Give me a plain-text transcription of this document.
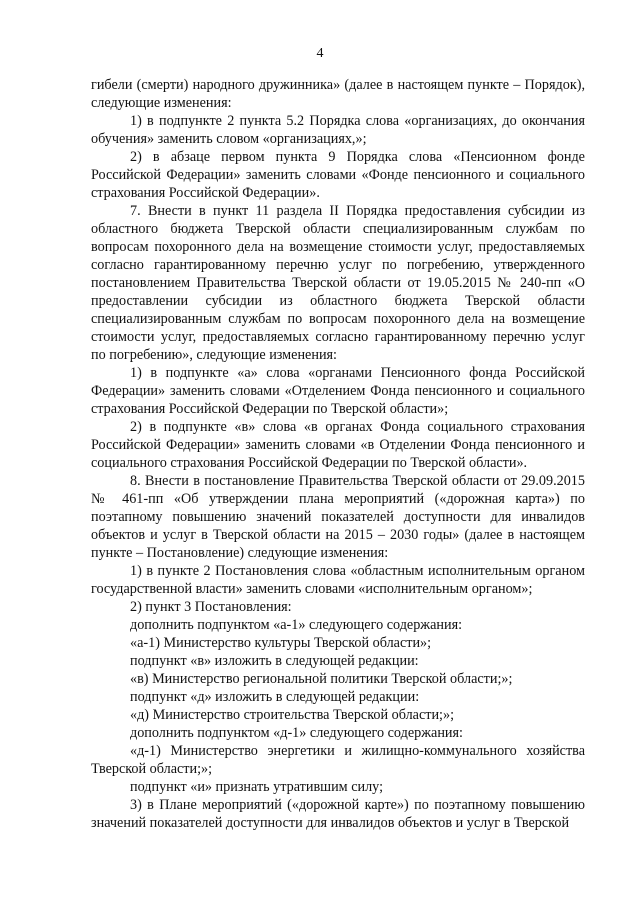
4

гибели (смерти) народного дружинника» (далее в настоящем пункте – Порядок), следующие изменения:

1) в подпункте 2 пункта 5.2 Порядка слова «организациях, до окончания обучения» заменить словом «организациях,»;

2) в абзаце первом пункта 9 Порядка слова «Пенсионном фонде Российской Федерации» заменить словами «Фонде пенсионного и социального страхования Российской Федерации».

7. Внести в пункт 11 раздела II Порядка предоставления субсидии из областного бюджета Тверской области специализированным службам по вопросам похоронного дела на возмещение стоимости услуг, предоставляемых согласно гарантированному перечню услуг по погребению, утвержденного постановлением Правительства Тверской области от 19.05.2015 № 240-пп «О предоставлении субсидии из областного бюджета Тверской области специализированным службам по вопросам похоронного дела на возмещение стоимости услуг, предоставляемых согласно гарантированному перечню услуг по погребению», следующие изменения:

1) в подпункте «а» слова «органами Пенсионного фонда Российской Федерации» заменить словами «Отделением Фонда пенсионного и социального страхования Российской Федерации по Тверской области»;

2) в подпункте «в» слова «в органах Фонда социального страхования Российской Федерации» заменить словами «в Отделении Фонда пенсионного и социального страхования Российской Федерации по Тверской области».

8. Внести в постановление Правительства Тверской области от 29.09.2015 № 461-пп «Об утверждении плана мероприятий («дорожная карта») по поэтапному повышению значений показателей доступности для инвалидов объектов и услуг в Тверской области на 2015 – 2030 годы» (далее в настоящем пункте – Постановление) следующие изменения:

1) в пункте 2 Постановления слова «областным исполнительным органом государственной власти» заменить словами «исполнительным органом»;

2) пункт 3 Постановления:

дополнить подпунктом «а-1» следующего содержания:

«а-1) Министерство культуры Тверской области»;

подпункт «в» изложить в следующей редакции:

«в) Министерство региональной политики Тверской области;»;

подпункт «д» изложить в следующей редакции:

«д) Министерство строительства Тверской области;»;

дополнить подпунктом «д-1» следующего содержания:

«д-1) Министерство энергетики и жилищно-коммунального хозяйства Тверской области;»;

подпункт «и» признать утратившим силу;

3) в Плане мероприятий («дорожной карте») по поэтапному повышению значений показателей доступности для инвалидов объектов и услуг в Тверской
